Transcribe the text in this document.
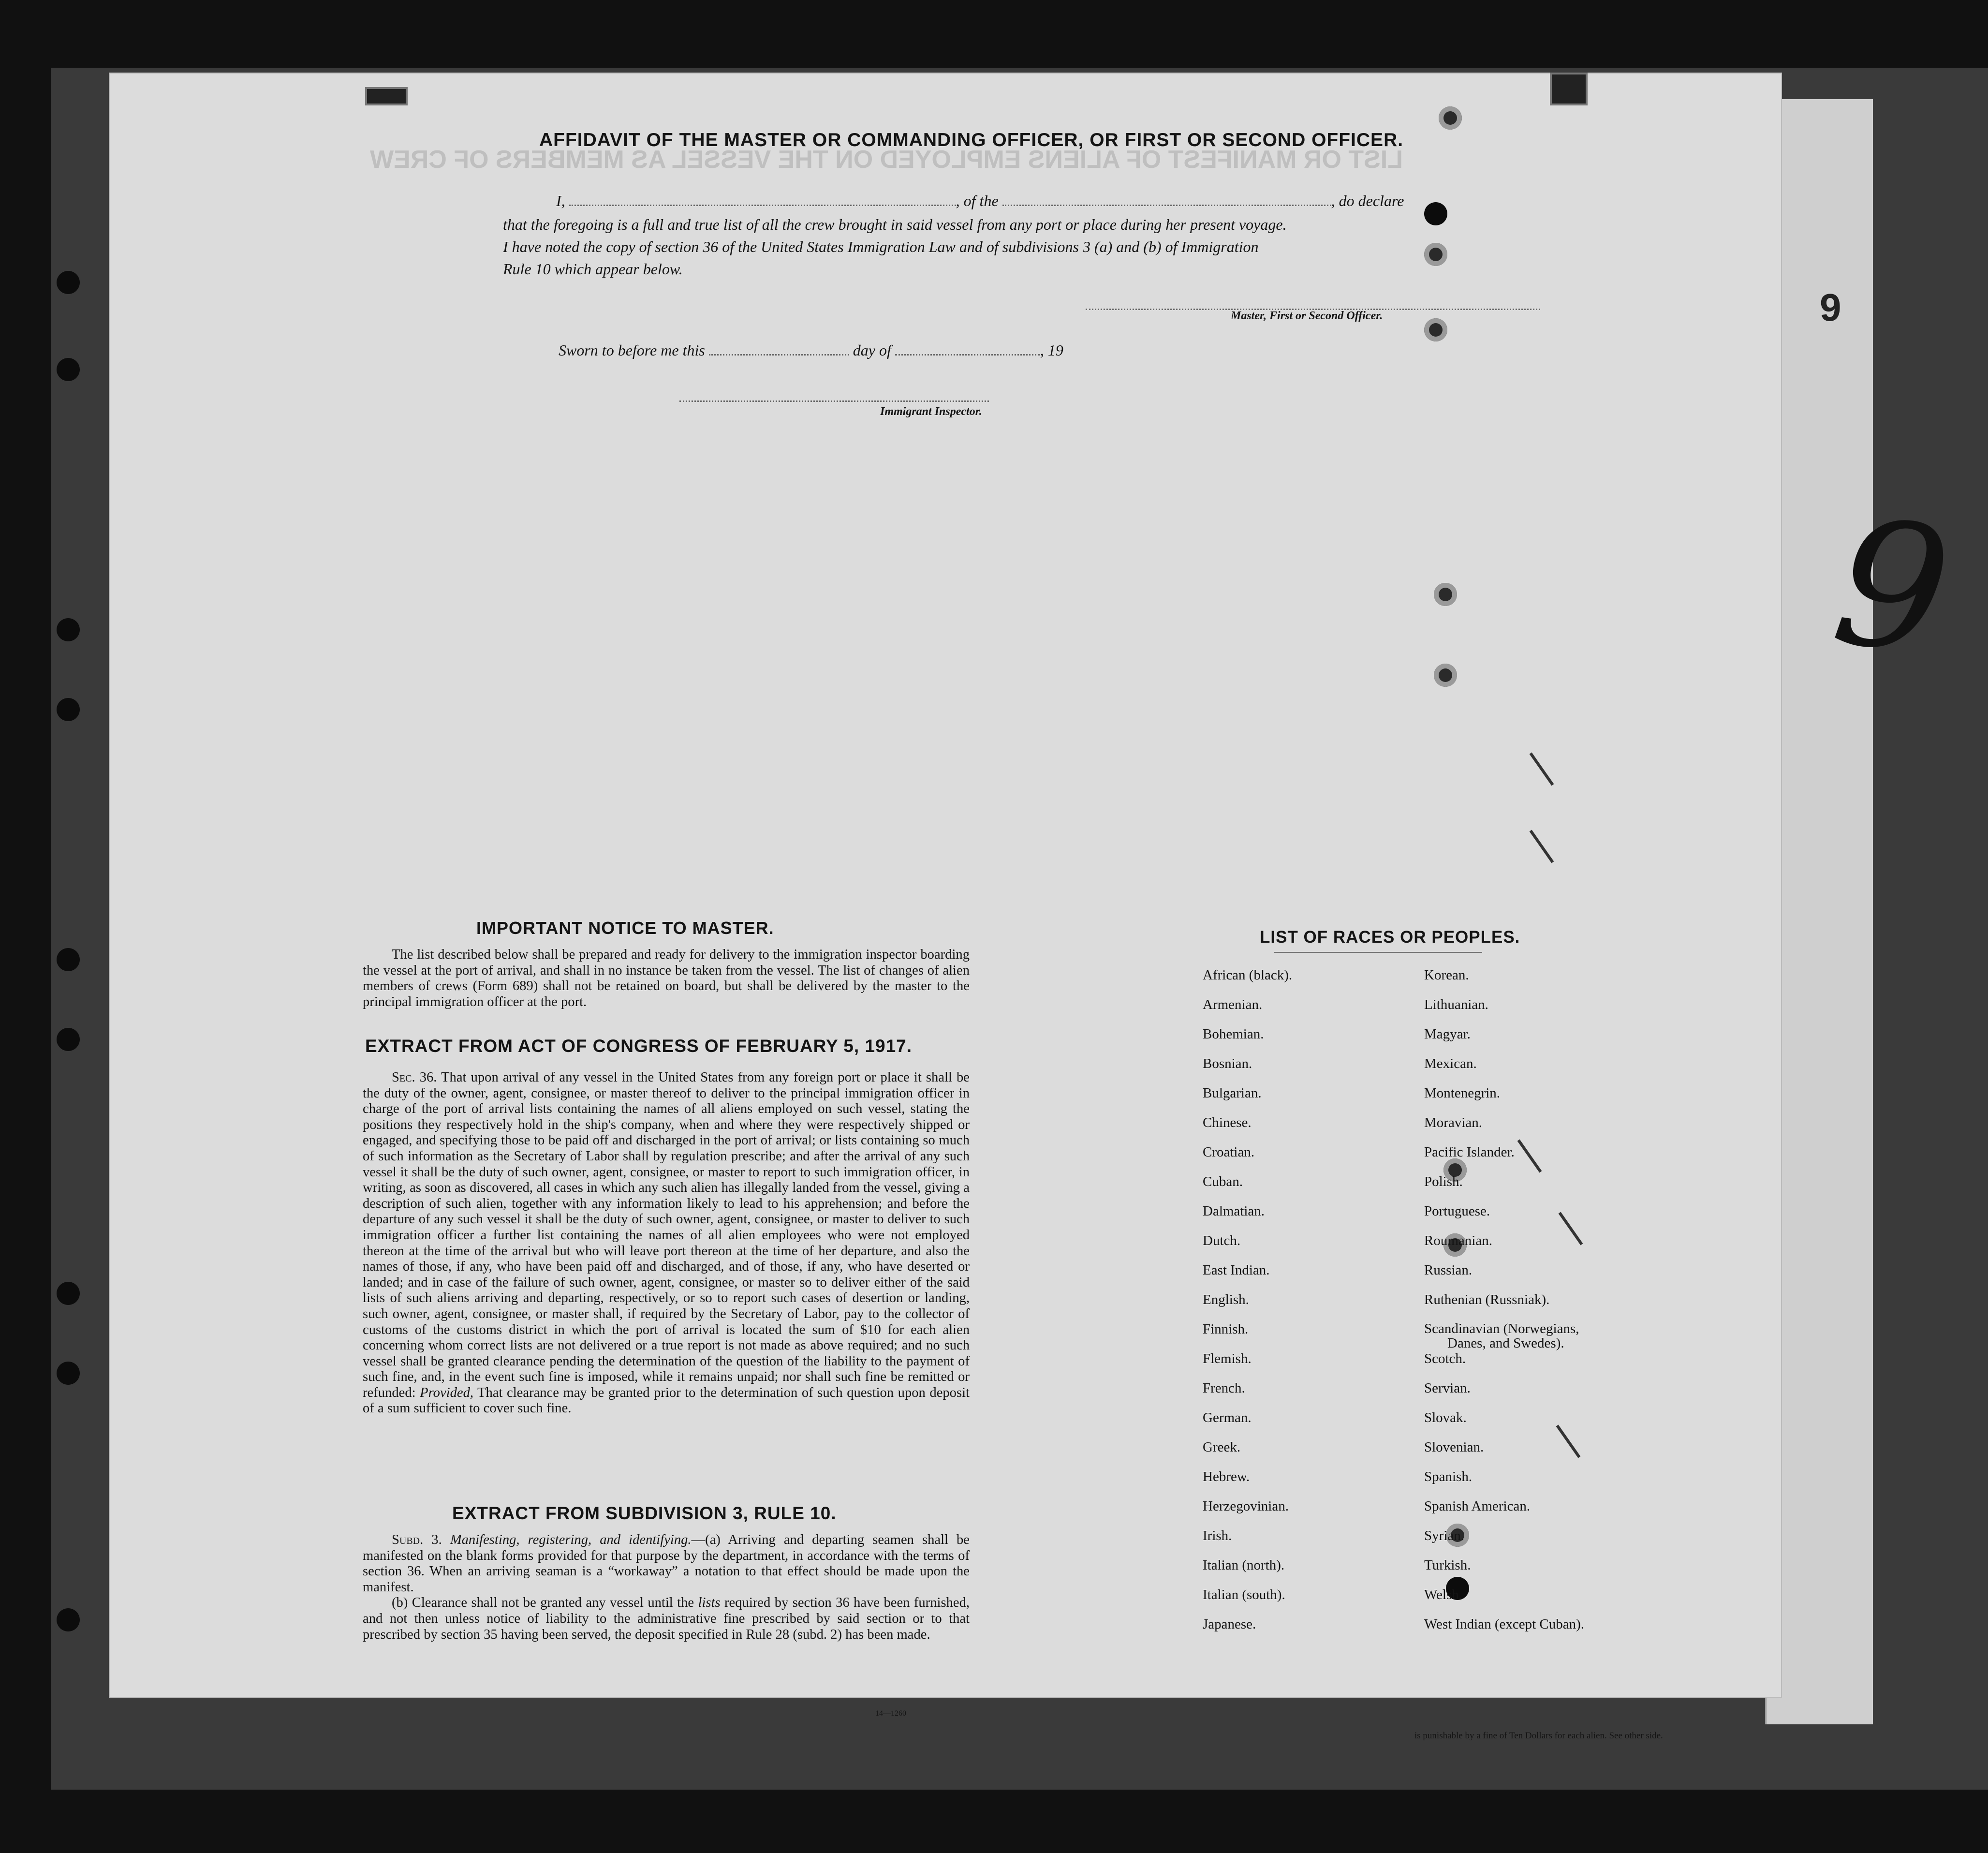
9
9
LIST OR MANIFEST OF ALIENS EMPLOYED ON THE VESSEL AS MEMBERS OF CREW
AFFIDAVIT OF THE MASTER OR COMMANDING OFFICER, OR FIRST OR SECOND OFFICER.
I,	, of the	, do declare
that the foregoing is a full and true list of all the crew brought in said vessel from any port or place during her present voyage.
I have noted the copy of section 36 of the United States Immigration Law and of subdivisions 3 (a) and (b) of Immigration
Rule 10 which appear below.
Master, First or Second Officer.
Sworn to before me this	day of	, 19
Immigrant Inspector.
IMPORTANT NOTICE TO MASTER.
The list described below shall be prepared and ready for delivery to the immigration inspector boarding the vessel at the port of arrival, and shall in no instance be taken from the vessel. The list of changes of alien members of crews (Form 689) shall not be retained on board, but shall be delivered by the master to the principal immigration officer at the port.
EXTRACT FROM ACT OF CONGRESS OF FEBRUARY 5, 1917.
Sec. 36. That upon arrival of any vessel in the United States from any foreign port or place it shall be the duty of the owner, agent, consignee, or master thereof to deliver to the principal immigration officer in charge of the port of arrival lists containing the names of all aliens employed on such vessel, stating the positions they respectively hold in the ship's company, when and where they were respectively shipped or engaged, and specifying those to be paid off and discharged in the port of arrival; or lists containing so much of such information as the Secretary of Labor shall by regulation prescribe; and after the arrival of any such vessel it shall be the duty of such owner, agent, consignee, or master to report to such immigration officer, in writing, as soon as discovered, all cases in which any such alien has illegally landed from the vessel, giving a description of such alien, together with any information likely to lead to his apprehension; and before the departure of any such vessel it shall be the duty of such owner, agent, consignee, or master to deliver to such immigration officer a further list containing the names of all alien employees who were not employed thereon at the time of the arrival but who will leave port thereon at the time of her departure, and also the names of those, if any, who have been paid off and discharged, and of those, if any, who have deserted or landed; and in case of the failure of such owner, agent, consignee, or master so to deliver either of the said lists of such aliens arriving and departing, respectively, or so to report such cases of desertion or landing, such owner, agent, consignee, or master shall, if required by the Secretary of Labor, pay to the collector of customs of the customs district in which the port of arrival is located the sum of $10 for each alien concerning whom correct lists are not delivered or a true report is not made as above required; and no such vessel shall be granted clearance pending the determination of the question of the liability to the payment of such fine, and, in the event such fine is imposed, while it remains unpaid; nor shall such fine be remitted or refunded: Provided, That clearance may be granted prior to the determination of such question upon deposit of a sum sufficient to cover such fine.
EXTRACT FROM SUBDIVISION 3, RULE 10.
Subd. 3. Manifesting, registering, and identifying.—(a) Arriving and departing seamen shall be manifested on the blank forms provided for that purpose by the department, in accordance with the terms of section 36. When an arriving seaman is a “workaway” a notation to that effect should be made upon the manifest.
(b) Clearance shall not be granted any vessel until the lists required by section 36 have been furnished, and not then unless notice of liability to the administrative fine prescribed by said section or to that prescribed by section 35 having been served, the deposit specified in Rule 28 (subd. 2) has been made.
14—1260
LIST OF RACES OR PEOPLES.
African (black).
Armenian.
Bohemian.
Bosnian.
Bulgarian.
Chinese.
Croatian.
Cuban.
Dalmatian.
Dutch.
East Indian.
English.
Finnish.
Flemish.
French.
German.
Greek.
Hebrew.
Herzegovinian.
Irish.
Italian (north).
Italian (south).
Japanese.
Korean.
Lithuanian.
Magyar.
Mexican.
Montenegrin.
Moravian.
Pacific Islander.
Polish.
Portuguese.
Roumanian.
Russian.
Ruthenian (Russniak).
Scandinavian (Norwegians,
Danes, and Swedes).
Scotch.
Servian.
Slovak.
Slovenian.
Spanish.
Spanish American.
Syrian.
Turkish.
Welsh.
West Indian (except Cuban).
is punishable by a fine of Ten Dollars for each alien. See other side.
